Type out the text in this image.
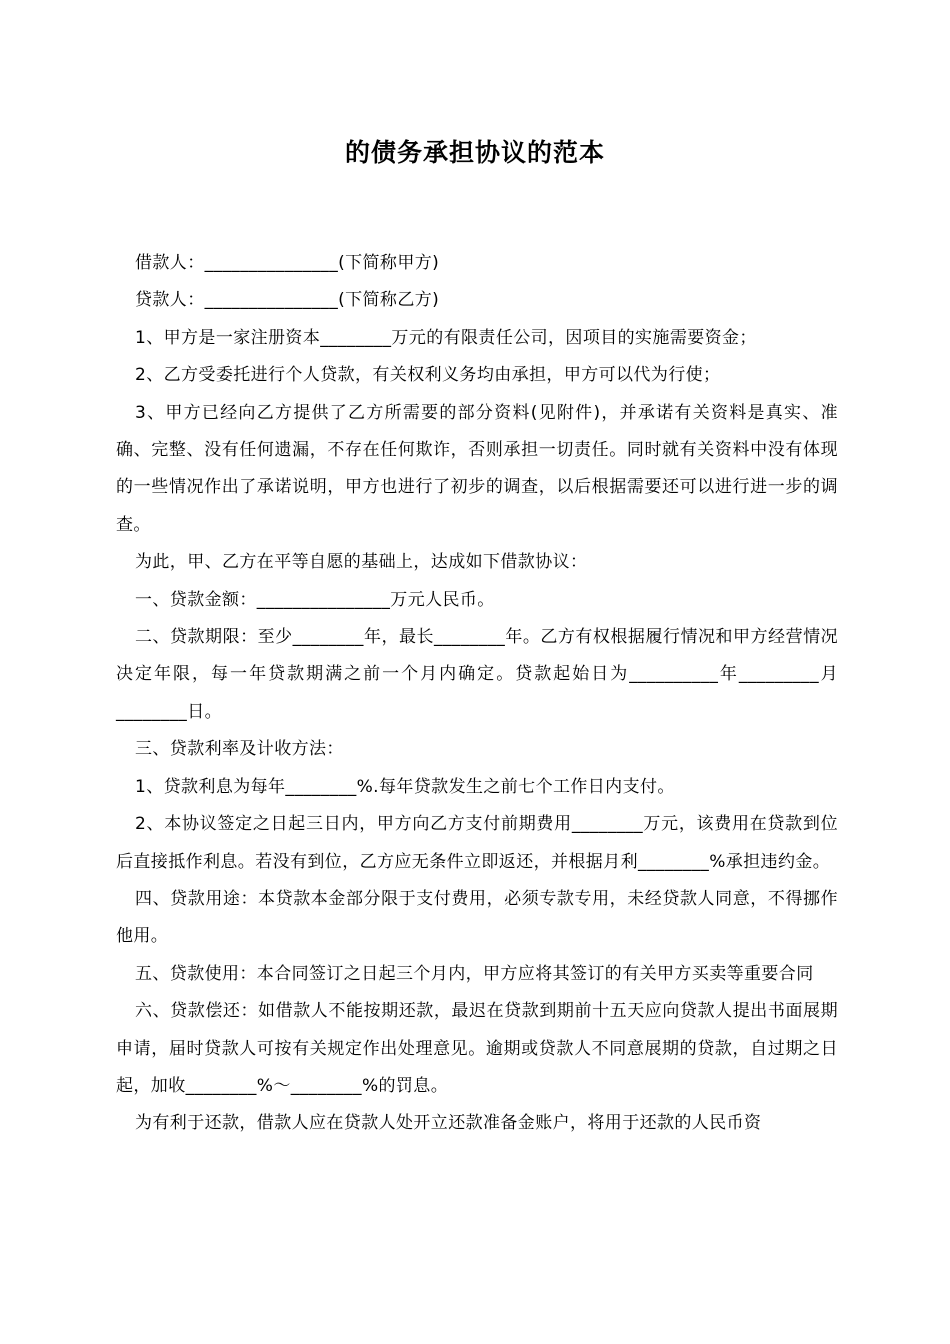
的债务承担协议的范本

借款人：_______________(下简称甲方)

贷款人：_______________(下简称乙方)

1、甲方是一家注册资本________万元的有限责任公司，因项目的实施需要资金；

2、乙方受委托进行个人贷款，有关权利义务均由承担，甲方可以代为行使；

3、甲方已经向乙方提供了乙方所需要的部分资料(见附件)，并承诺有关资料是真实、准确、完整、没有任何遗漏，不存在任何欺诈，否则承担一切责任。同时就有关资料中没有体现的一些情况作出了承诺说明，甲方也进行了初步的调查，以后根据需要还可以进行进一步的调查。

为此，甲、乙方在平等自愿的基础上，达成如下借款协议：

一、贷款金额：_______________万元人民币。

二、贷款期限：至少________年，最长________年。乙方有权根据履行情况和甲方经营情况决定年限，每一年贷款期满之前一个月内确定。贷款起始日为__________年_________月________日。

三、贷款利率及计收方法：

1、贷款利息为每年________%.每年贷款发生之前七个工作日内支付。

2、本协议签定之日起三日内，甲方向乙方支付前期费用________万元，该费用在贷款到位后直接抵作利息。若没有到位，乙方应无条件立即返还，并根据月利________%承担违约金。

四、贷款用途：本贷款本金部分限于支付费用，必须专款专用，未经贷款人同意，不得挪作他用。

五、贷款使用：本合同签订之日起三个月内，甲方应将其签订的有关甲方买卖等重要合同

六、贷款偿还：如借款人不能按期还款，最迟在贷款到期前十五天应向贷款人提出书面展期申请，届时贷款人可按有关规定作出处理意见。逾期或贷款人不同意展期的贷款，自过期之日起，加收________%～________%的罚息。

为有利于还款，借款人应在贷款人处开立还款准备金账户，将用于还款的人民币资
